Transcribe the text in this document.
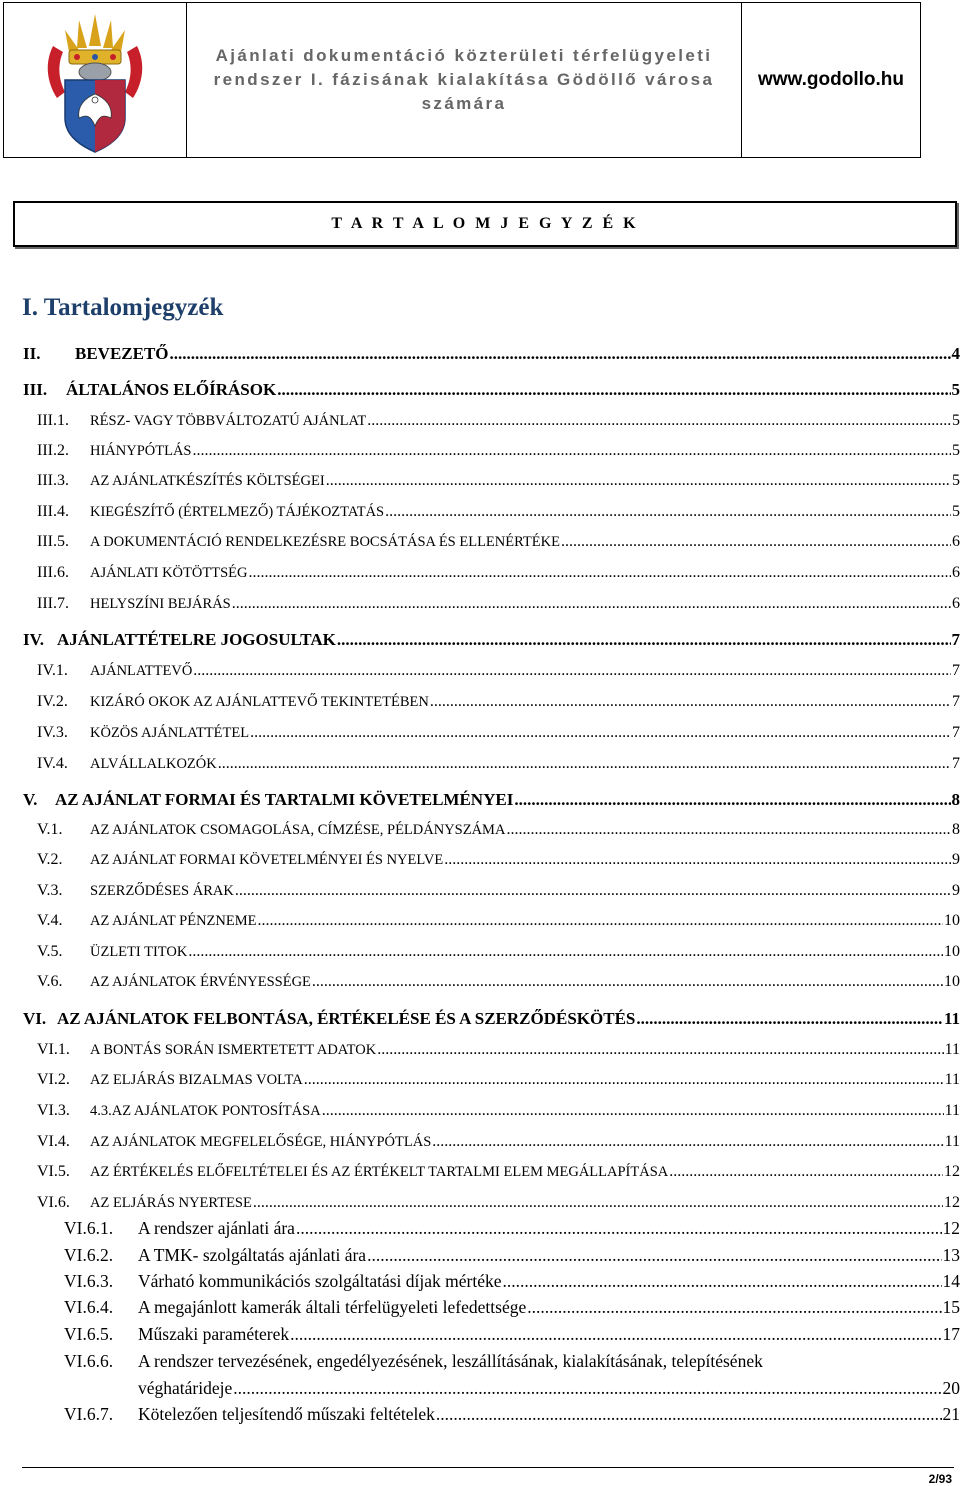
Ajánlati dokumentáció közterületi térfelügyeleti rendszer I. fázisának kialakítása Gödöllő városa számára
www.godollo.hu
T A R T A L O M J E G Y Z É K
I. Tartalomjegyzék
II.	BEVEZETŐ .....	4
III.	ÁLTALÁNOS ELŐÍRÁSOK .....	5
III.1.	RÉSZ- VAGY TÖBBVÁLTOZATÚ AJÁNLAT .....	5
III.2.	HIÁNYPÓTLÁS .....	5
III.3.	AZ AJÁNLATKÉSZÍTÉS KÖLTSÉGEI .....	5
III.4.	KIEGÉSZÍTŐ (ÉRTELMEZŐ) TÁJÉKOZTATÁS .....	5
III.5.	A DOKUMENTÁCIÓ RENDELKEZÉSRE BOCSÁTÁSA ÉS ELLENÉRTÉKE .....	6
III.6.	AJÁNLATI KÖTÖTTSÉG .....	6
III.7.	HELYSZÍNI BEJÁRÁS .....	6
IV. AJÁNLATTÉTELRE JOGOSULTAK .....	7
IV.1.	AJÁNLATTEVŐ .....	7
IV.2.	KIZÁRÓ OKOK AZ AJÁNLATTEVŐ TEKINTETÉBEN .....	7
IV.3.	KÖZÖS AJÁNLATTÉTEL .....	7
IV.4.	ALVÁLLALKOZÓK .....	7
V.	AZ AJÁNLAT FORMAI ÉS TARTALMI KÖVETELMÉNYEI .....	8
V.1.	AZ AJÁNLATOK CSOMAGOLÁSA, CÍMZÉSE, PÉLDÁNYSZÁMA .....	8
V.2.	AZ AJÁNLAT FORMAI KÖVETELMÉNYEI ÉS NYELVE .....	9
V.3.	SZERZŐDÉSES ÁRAK .....	9
V.4.	AZ AJÁNLAT PÉNZNEME .....	10
V.5.	ÜZLETI TITOK .....	10
V.6.	AZ AJÁNLATOK ÉRVÉNYESSÉGE .....	10
VI. AZ AJÁNLATOK FELBONTÁSA, ÉRTÉKELÉSE ÉS A SZERZŐDÉSKÖTÉS .....	11
VI.1.	A BONTÁS SORÁN ISMERTETETT ADATOK .....	11
VI.2.	AZ ELJÁRÁS BIZALMAS VOLTA .....	11
VI.3.	4.3.AZ AJÁNLATOK PONTOSÍTÁSA .....	11
VI.4.	AZ AJÁNLATOK MEGFELELŐSÉGE, HIÁNYPÓTLÁS .....	11
VI.5.	AZ ÉRTÉKELÉS ELŐFELTÉTELEI ÉS AZ ÉRTÉKELT TARTALMI ELEM MEGÁLLAPÍTÁSA .....	12
VI.6.	AZ ELJÁRÁS NYERTESE .....	12
VI.6.1.	A rendszer ajánlati ára .....	12
VI.6.2.	A TMK- szolgáltatás ajánlati ára .....	13
VI.6.3.	Várható kommunikációs szolgáltatási díjak mértéke .....	14
VI.6.4.	A megajánlott kamerák általi térfelügyeleti lefedettsége .....	15
VI.6.5.	Műszaki paraméterek .....	17
VI.6.6.	A rendszer tervezésének, engedélyezésének, leszállításának, kialakításának, telepítésének
véghatárideje .....	20
VI.6.7.	Kötelezően teljesítendő műszaki feltételek .....	21
2/93
